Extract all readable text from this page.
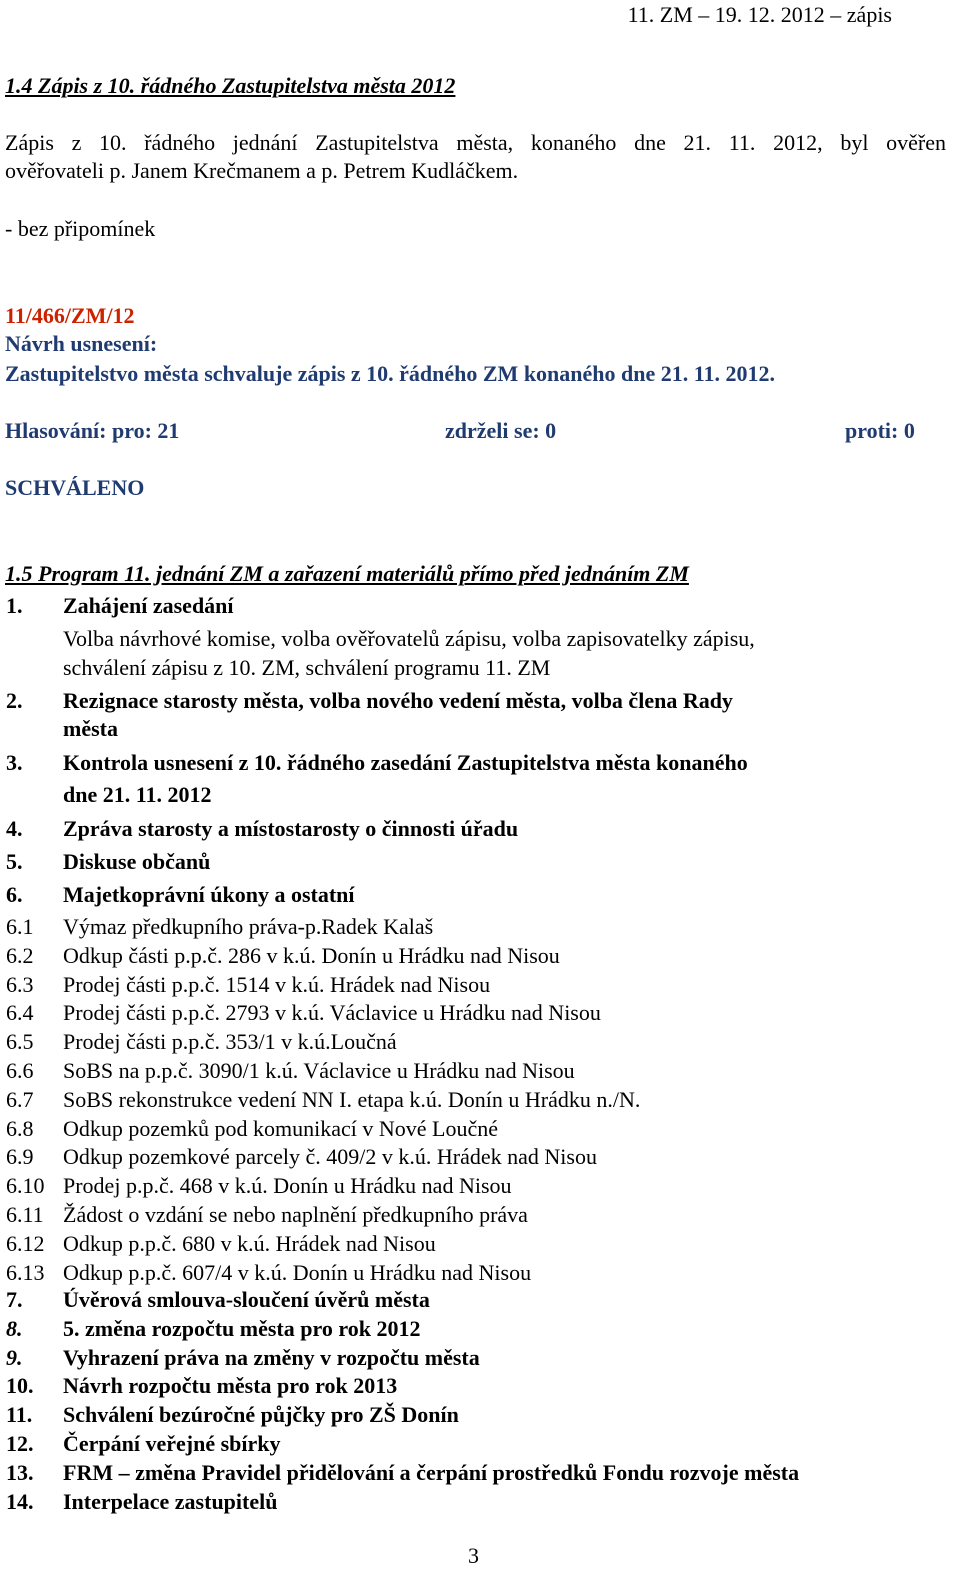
11. ZM – 19. 12. 2012 – zápis
1.4 Zápis z 10. řádného Zastupitelstva města 2012
Zápis z 10. řádného jednání Zastupitelstva města, konaného dne 21. 11. 2012, byl ověřen
ověřovateli p. Janem Krečmanem a p. Petrem Kudláčkem.
- bez připomínek
11/466/ZM/12
Návrh usnesení:
Zastupitelstvo města schvaluje zápis z 10. řádného ZM konaného dne 21. 11. 2012.
Hlasování: pro: 21	zdrželi se: 0	proti: 0
SCHVÁLENO
1.5 Program 11. jednání ZM a zařazení materiálů přímo před jednáním ZM
1. Zahájení zasedání
Volba návrhové komise, volba ověřovatelů zápisu, volba zapisovatelky zápisu,
schválení zápisu z 10. ZM, schválení programu 11. ZM
2. Rezignace starosty města, volba nového vedení města, volba člena Rady
města
3. Kontrola usnesení z 10. řádného zasedání Zastupitelstva města konaného
dne 21. 11. 2012
4. Zpráva starosty a místostarosty o činnosti úřadu
5. Diskuse občanů
6. Majetkoprávní úkony a ostatní
6.1 Výmaz předkupního práva-p.Radek Kalaš
6.2 Odkup části p.p.č. 286 v k.ú. Donín u Hrádku nad Nisou
6.3 Prodej části p.p.č. 1514 v k.ú. Hrádek nad Nisou
6.4 Prodej části p.p.č. 2793 v k.ú. Václavice u Hrádku nad Nisou
6.5 Prodej části p.p.č. 353/1 v k.ú.Loučná
6.6 SoBS na p.p.č. 3090/1 k.ú. Václavice u Hrádku nad Nisou
6.7 SoBS rekonstrukce vedení NN I. etapa k.ú. Donín u Hrádku n./N.
6.8 Odkup pozemků pod komunikací v Nové Loučné
6.9 Odkup pozemkové parcely č. 409/2 v k.ú. Hrádek nad Nisou
6.10 Prodej p.p.č. 468 v k.ú. Donín u Hrádku nad Nisou
6.11 Žádost o vzdání se nebo naplnění předkupního práva
6.12 Odkup p.p.č. 680 v k.ú. Hrádek nad Nisou
6.13 Odkup p.p.č. 607/4 v k.ú. Donín u Hrádku nad Nisou
7. Úvěrová smlouva-sloučení úvěrů města
8. 5. změna rozpočtu města pro rok 2012
9. Vyhrazení práva na změny v rozpočtu města
10. Návrh rozpočtu města pro rok 2013
11. Schválení bezúročné půjčky pro ZŠ Donín
12. Čerpání veřejné sbírky
13. FRM – změna Pravidel přidělování a čerpání prostředků Fondu rozvoje města
14. Interpelace zastupitelů
3
